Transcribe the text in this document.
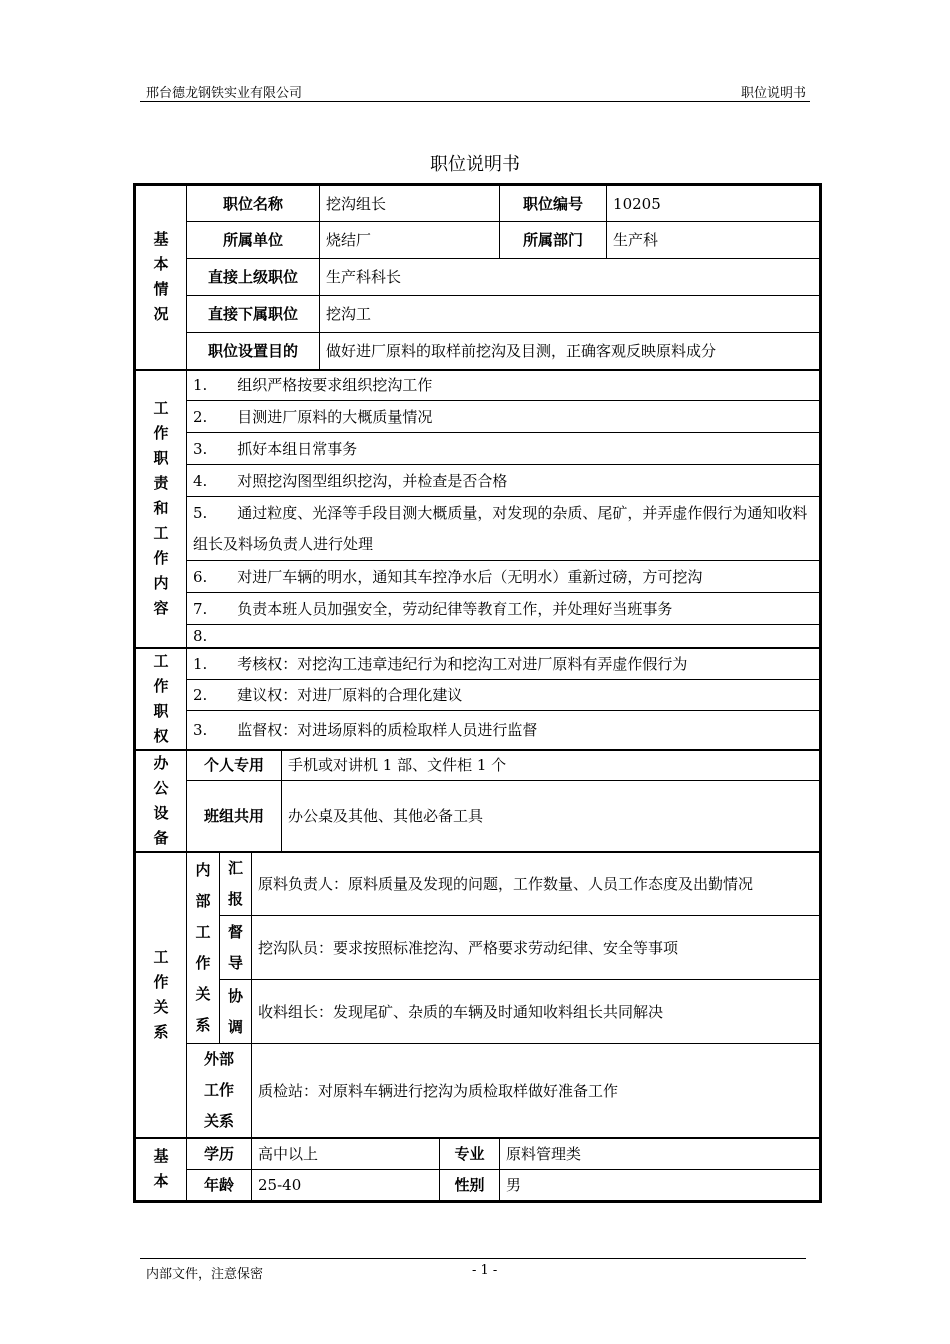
邢台德龙钢铁实业有限公司	职位说明书
职位说明书
基本情况	职位名称				挖沟组长		职位编号	10205
	所属单位				烧结厂		所属部门	生产科
	直接上级职位				生产科科长			
	直接下属职位				挖沟工			
	职位设置目的				做好进厂原料的取样前挖沟及目测，正确客观反映原料成分			
工作职责和工作内容	1.　　组织严格按要求组织挖沟工作							
	2.　　目测进厂原料的大概质量情况							
	3.　　抓好本组日常事务							
	4.　　对照挖沟图型组织挖沟，并检查是否合格							
	5.　　通过粒度、光泽等手段目测大概质量，对发现的杂质、尾矿，并弄虚作假行为通知收料组长及料场负责人进行处理							
	6.　　对进厂车辆的明水，通知其车控净水后（无明水）重新过磅，方可挖沟							
	7.　　负责本班人员加强安全，劳动纪律等教育工作，并处理好当班事务							
	8.							
工作职权	1.　　考核权：对挖沟工违章违纪行为和挖沟工对进厂原料有弄虚作假行为							
	2.　　建议权：对进厂原料的合理化建议							
	3.　　监督权：对进场原料的质检取样人员进行监督							
办公设备	个人专用			手机或对讲机 1 部、文件柜 1 个				
	班组共用			办公桌及其他、其他必备工具				
工作关系	内部工作关系	汇报	原料负责人：原料质量及发现的问题，工作数量、人员工作态度及出勤情况					
		督导	挖沟队员：要求按照标准挖沟、严格要求劳动纪律、安全等事项					
		协调	收料组长：发现尾矿、杂质的车辆及时通知收料组长共同解决					
	外部工作关系		质检站：对原料车辆进行挖沟为质检取样做好准备工作					
基本	学历		高中以上			专业	原料管理类	
	年龄		25-40			性别	男	
内部文件，注意保密	- 1 -
